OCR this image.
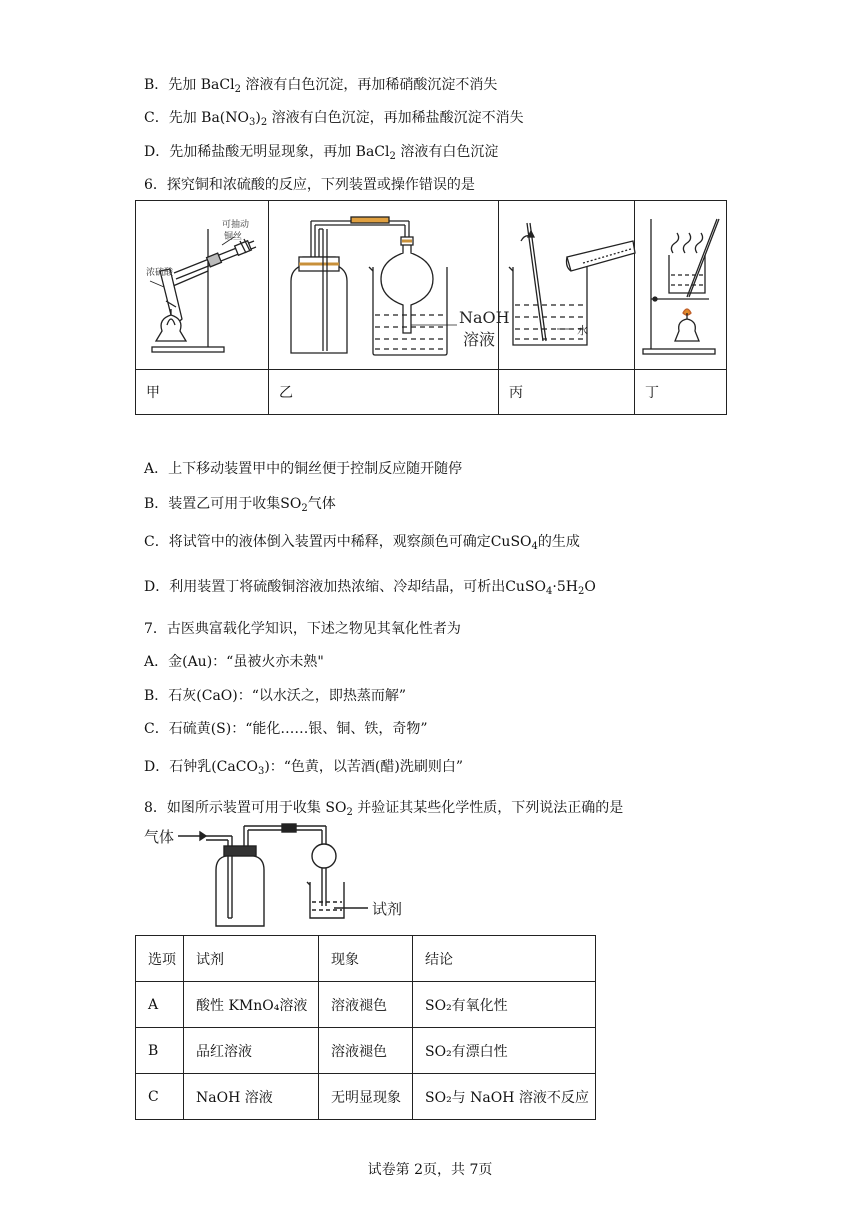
B．先加 BaCl$_2$ 溶液有白色沉淀，再加稀硝酸沉淀不消失
C．先加 $Ba(NO_3)_2$ 溶液有白色沉淀，再加稀盐酸沉淀不消失
D．先加稀盐酸无明显现象，再加 BaCl$_2$ 溶液有白色沉淀
6．探究铜和浓硫酸的反应，下列装置或操作错误的是
可抽动
铜丝
浓硫酸	NaOH
溶液	水

甲	乙	丙	丁
A．上下移动装置甲中的铜丝便于控制反应随开随停
B．装置乙可用于收集$SO_2$气体
C．将试管中的液体倒入装置丙中稀释，观察颜色可确定CuSO$_4$的生成
D．利用装置丁将硫酸铜溶液加热浓缩、冷却结晶，可析出$CuSO_4\cdot 5H_2O$
7．古医典富载化学知识，下述之物见其氧化性者为
A．金(Au)：“虽被火亦未熟"
B．石灰(CaO)：“以水沃之，即热蒸而解”
C．石硫黄(S)：“能化……银、铜、铁，奇物”
D．石钟乳(CaCO$_3$)：“色黄，以苦酒(醋)洗刷则白”
8．如图所示装置可用于收集 $SO_2$ 并验证其某些化学性质，下列说法正确的是
气体
试剂
选项	试剂	现象	结论
A	酸性 KMnO₄溶液	溶液褪色	SO₂有氧化性
B	品红溶液	溶液褪色	SO₂有漂白性
C	NaOH 溶液	无明显现象	SO₂与 NaOH 溶液不反应
试卷第 2页，共 7页
